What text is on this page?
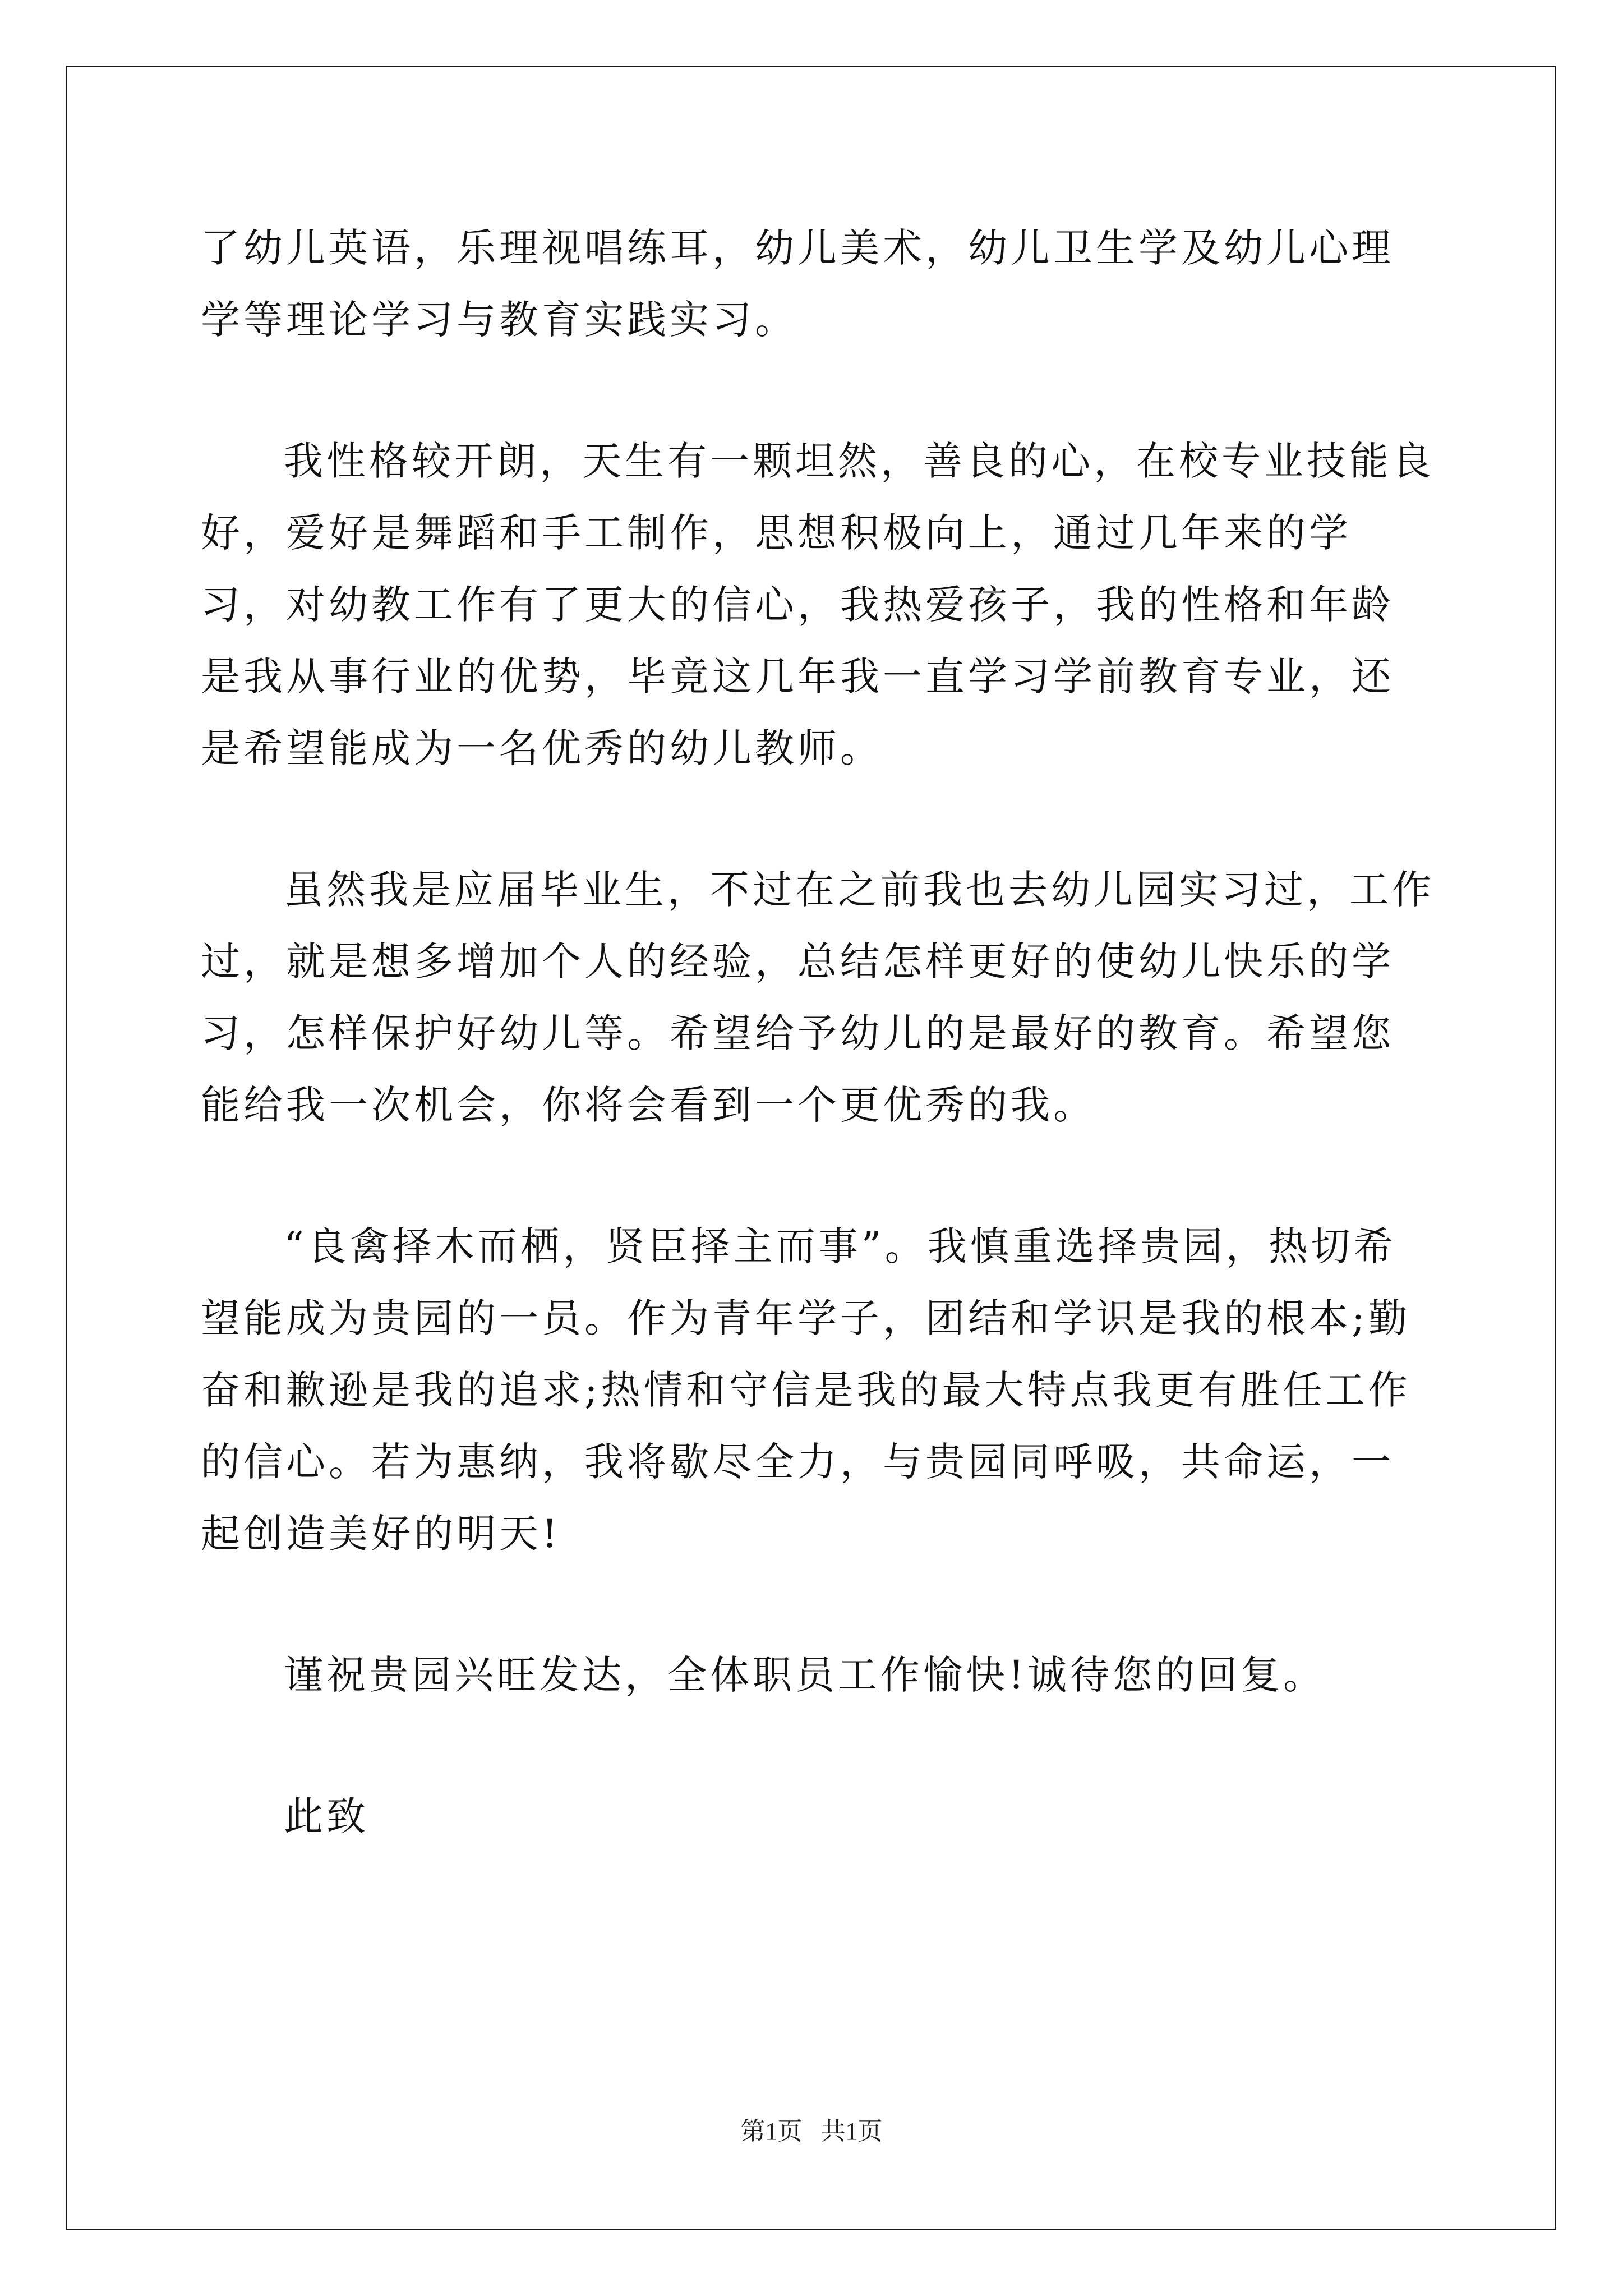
了幼儿英语，乐理视唱练耳，幼儿美术，幼儿卫生学及幼儿心理学等理论学习与教育实践实习。

我性格较开朗，天生有一颗坦然，善良的心，在校专业技能良好，爱好是舞蹈和手工制作，思想积极向上，通过几年来的学习，对幼教工作有了更大的信心，我热爱孩子，我的性格和年龄是我从事行业的优势，毕竟这几年我一直学习学前教育专业，还是希望能成为一名优秀的幼儿教师。

虽然我是应届毕业生，不过在之前我也去幼儿园实习过，工作过，就是想多增加个人的经验，总结怎样更好的使幼儿快乐的学习，怎样保护好幼儿等。希望给予幼儿的是最好的教育。希望您能给我一次机会，你将会看到一个更优秀的我。

“良禽择木而栖，贤臣择主而事”。我慎重选择贵园，热切希望能成为贵园的一员。作为青年学子，团结和学识是我的根本;勤奋和歉逊是我的追求;热情和守信是我的最大特点我更有胜任工作的信心。若为惠纳，我将歇尽全力，与贵园同呼吸，共命运，一起创造美好的明天!

谨祝贵园兴旺发达，全体职员工作愉快!诚待您的回复。

此致

第1页   共1页
